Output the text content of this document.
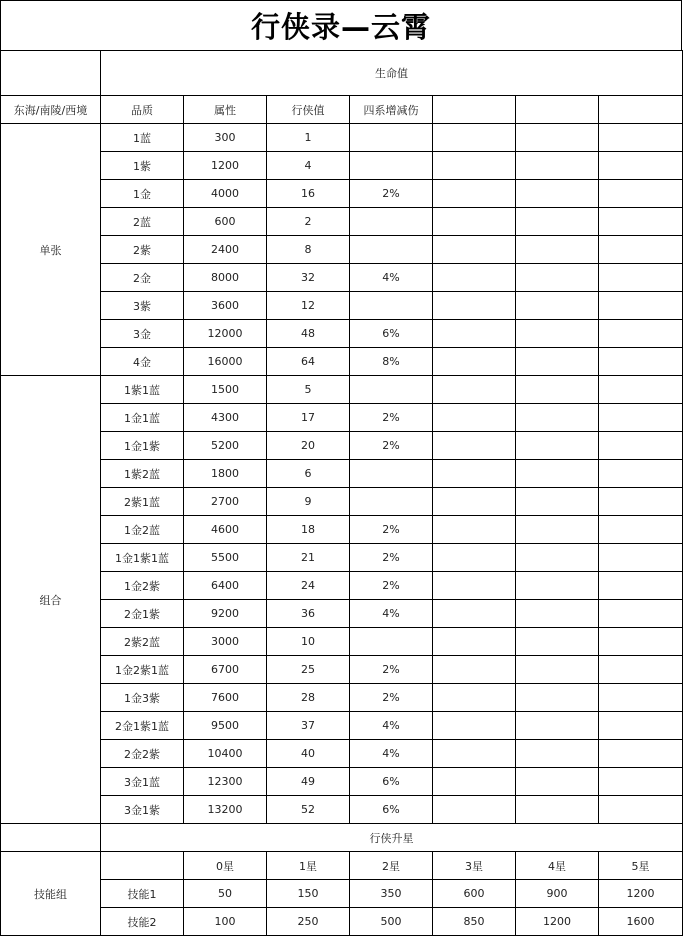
行侠录—云霄
	生命值						
东海/南陵/西境	品质	属性	行侠值	四系增减伤			
单张	1蓝	300	1				
	1紫	1200	4				
	1金	4000	16	2%			
	2蓝	600	2				
	2紫	2400	8				
	2金	8000	32	4%			
	3紫	3600	12				
	3金	12000	48	6%			
	4金	16000	64	8%			
组合	1紫1蓝	1500	5				
	1金1蓝	4300	17	2%			
	1金1紫	5200	20	2%			
	1紫2蓝	1800	6				
	2紫1蓝	2700	9				
	1金2蓝	4600	18	2%			
	1金1紫1蓝	5500	21	2%			
	1金2紫	6400	24	2%			
	2金1紫	9200	36	4%			
	2紫2蓝	3000	10				
	1金2紫1蓝	6700	25	2%			
	1金3紫	7600	28	2%			
	2金1紫1蓝	9500	37	4%			
	2金2紫	10400	40	4%			
	3金1蓝	12300	49	6%			
	3金1紫	13200	52	6%			
	行侠升星						
技能组		0星	1星	2星	3星	4星	5星
	技能1	50	150	350	600	900	1200
	技能2	100	250	500	850	1200	1600
